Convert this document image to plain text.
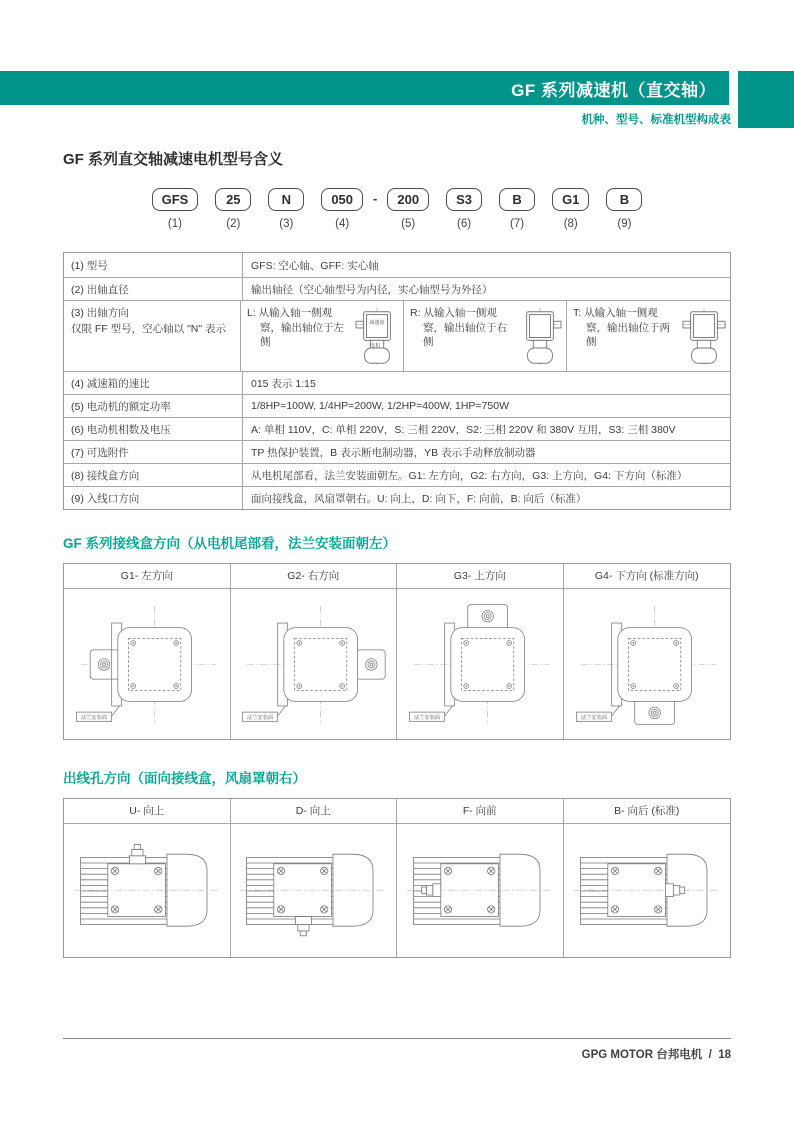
GF 系列减速机（直交轴）
机种、型号、标准机型构成表
GF 系列直交轴减速电机型号含义
GFS
(1)
25
(2)
N
(3)
050
(4)
-	200
(5)
S3
(6)
B
(7)
G1
(8)
B
(9)
(1) 型号	GFS: 空心轴、GFF: 实心轴
(2) 出轴直径	输出轴径（空心轴型号为内径，实心轴型号为外径）
(3) 出轴方向
仅限 FF 型号，空心轴以 "N" 表示
L: 从输入轴一侧观察，输出轴位于左侧
减速箱
电机
R: 从输入轴一侧观察，输出轴位于右侧
T: 从输入轴一侧观察，输出轴位于两侧
(4) 减速箱的速比	015 表示 1:15
(5) 电动机的额定功率	1/8HP=100W, 1/4HP=200W, 1/2HP=400W, 1HP=750W
(6) 电动机相数及电压	A: 单相 110V，C: 单相 220V，S: 三相 220V，S2: 三相 220V 和 380V 互用，S3: 三相 380V
(7) 可选附件	TP 热保护装置，B 表示断电制动器，YB 表示手动释放制动器
(8) 接线盒方向	从电机尾部看，法兰安装面朝左。G1: 左方向，G2: 右方向，G3: 上方向，G4: 下方向（标准）
(9) 入线口方向	面向接线盒，风扇罩朝右。U: 向上，D: 向下，F: 向前，B: 向后（标准）
GF 系列接线盒方向（从电机尾部看，法兰安装面朝左）
G1- 左方向	G2- 右方向	G3- 上方向	G4- 下方向 (标准方向)
法兰安装面	法兰安装面	法兰安装面	法兰安装面
出线孔方向（面向接线盒，风扇罩朝右）
U- 向上	D- 向上	F- 向前	B- 向后 (标准)
GPG MOTOR 台邦电机 / 18
